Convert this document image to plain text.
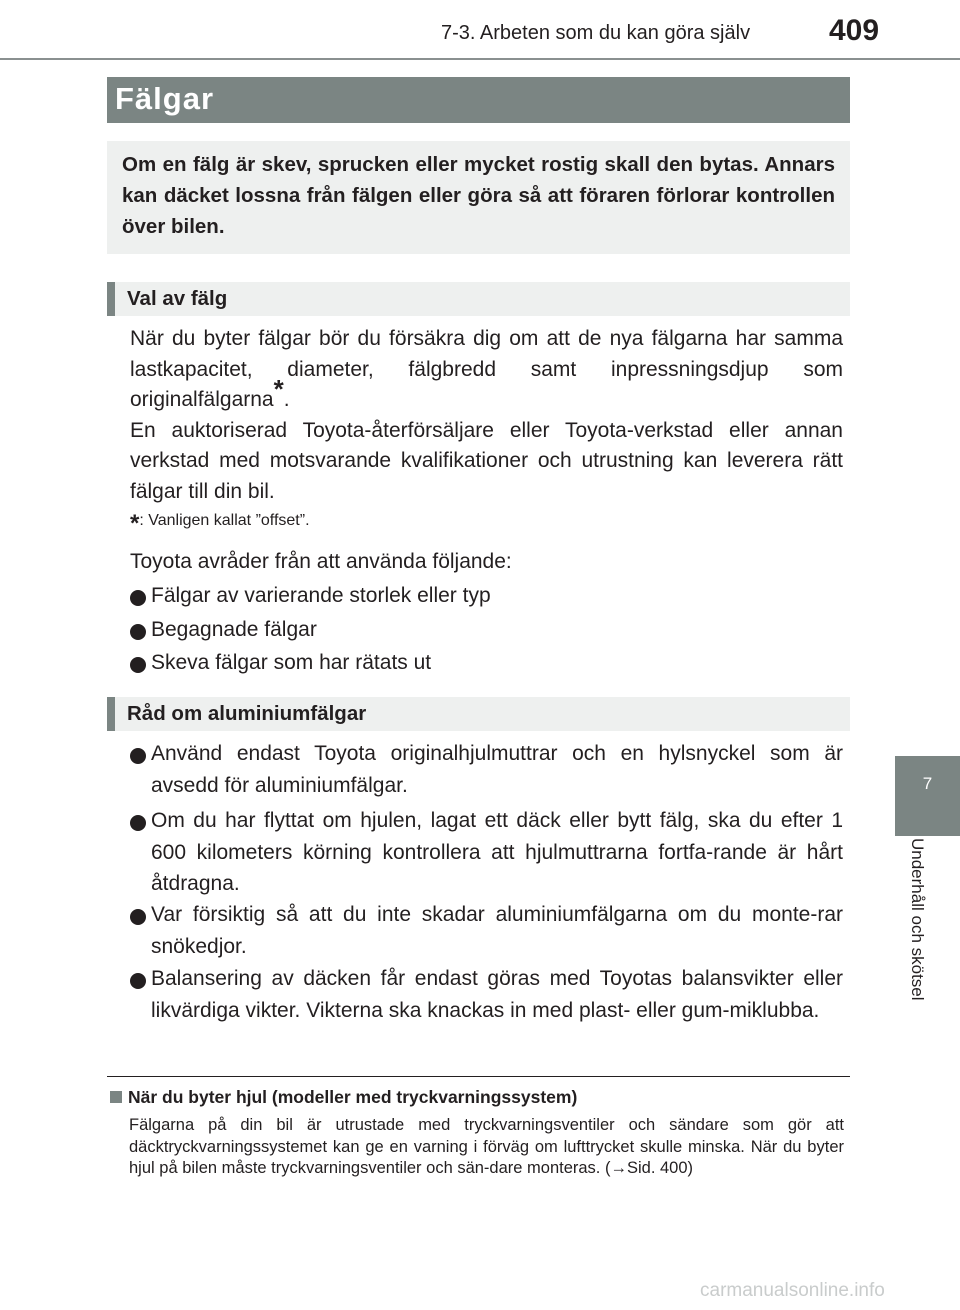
7-3. Arbeten som du kan göra själv	409
7
Underhåll och skötsel
Fälgar
Om en fälg är skev, sprucken eller mycket rostig skall den bytas. Annars kan däcket lossna från fälgen eller göra så att föraren förlorar kontrollen över bilen.
Val av fälg

När du byter fälgar bör du försäkra dig om att de nya fälgarna har samma lastkapacitet, diameter, fälgbredd samt inpressningsdjup som originalfälgarna*.

En auktoriserad Toyota-återförsäljare eller Toyota-verkstad eller annan verkstad med motsvarande kvalifikationer och utrustning kan leverera rätt fälgar till din bil.

*: Vanligen kallat ”offset”.
Toyota avråder från att använda följande:
Fälgar av varierande storlek eller typ
Begagnade fälgar
Skeva fälgar som har rätats ut
Råd om aluminiumfälgar
Använd endast Toyota originalhjulmuttrar och en hylsnyckel som är avsedd för aluminiumfälgar.
Om du har flyttat om hjulen, lagat ett däck eller bytt fälg, ska du efter 1 600 kilometers körning kontrollera att hjulmuttrarna fortfa-rande är hårt åtdragna.
Var försiktig så att du inte skadar aluminiumfälgarna om du monte-rar snökedjor.
Balansering av däcken får endast göras med Toyotas balansvikter eller likvärdiga vikter. Vikterna ska knackas in med plast- eller gum-miklubba.
När du byter hjul (modeller med tryckvarningssystem)
Fälgarna på din bil är utrustade med tryckvarningsventiler och sändare som gör att däcktryckvarningssystemet kan ge en varning i förväg om lufttrycket skulle minska. När du byter hjul på bilen måste tryckvarningsventiler och sän-dare monteras. (→Sid. 400)
carmanualsonline.info
